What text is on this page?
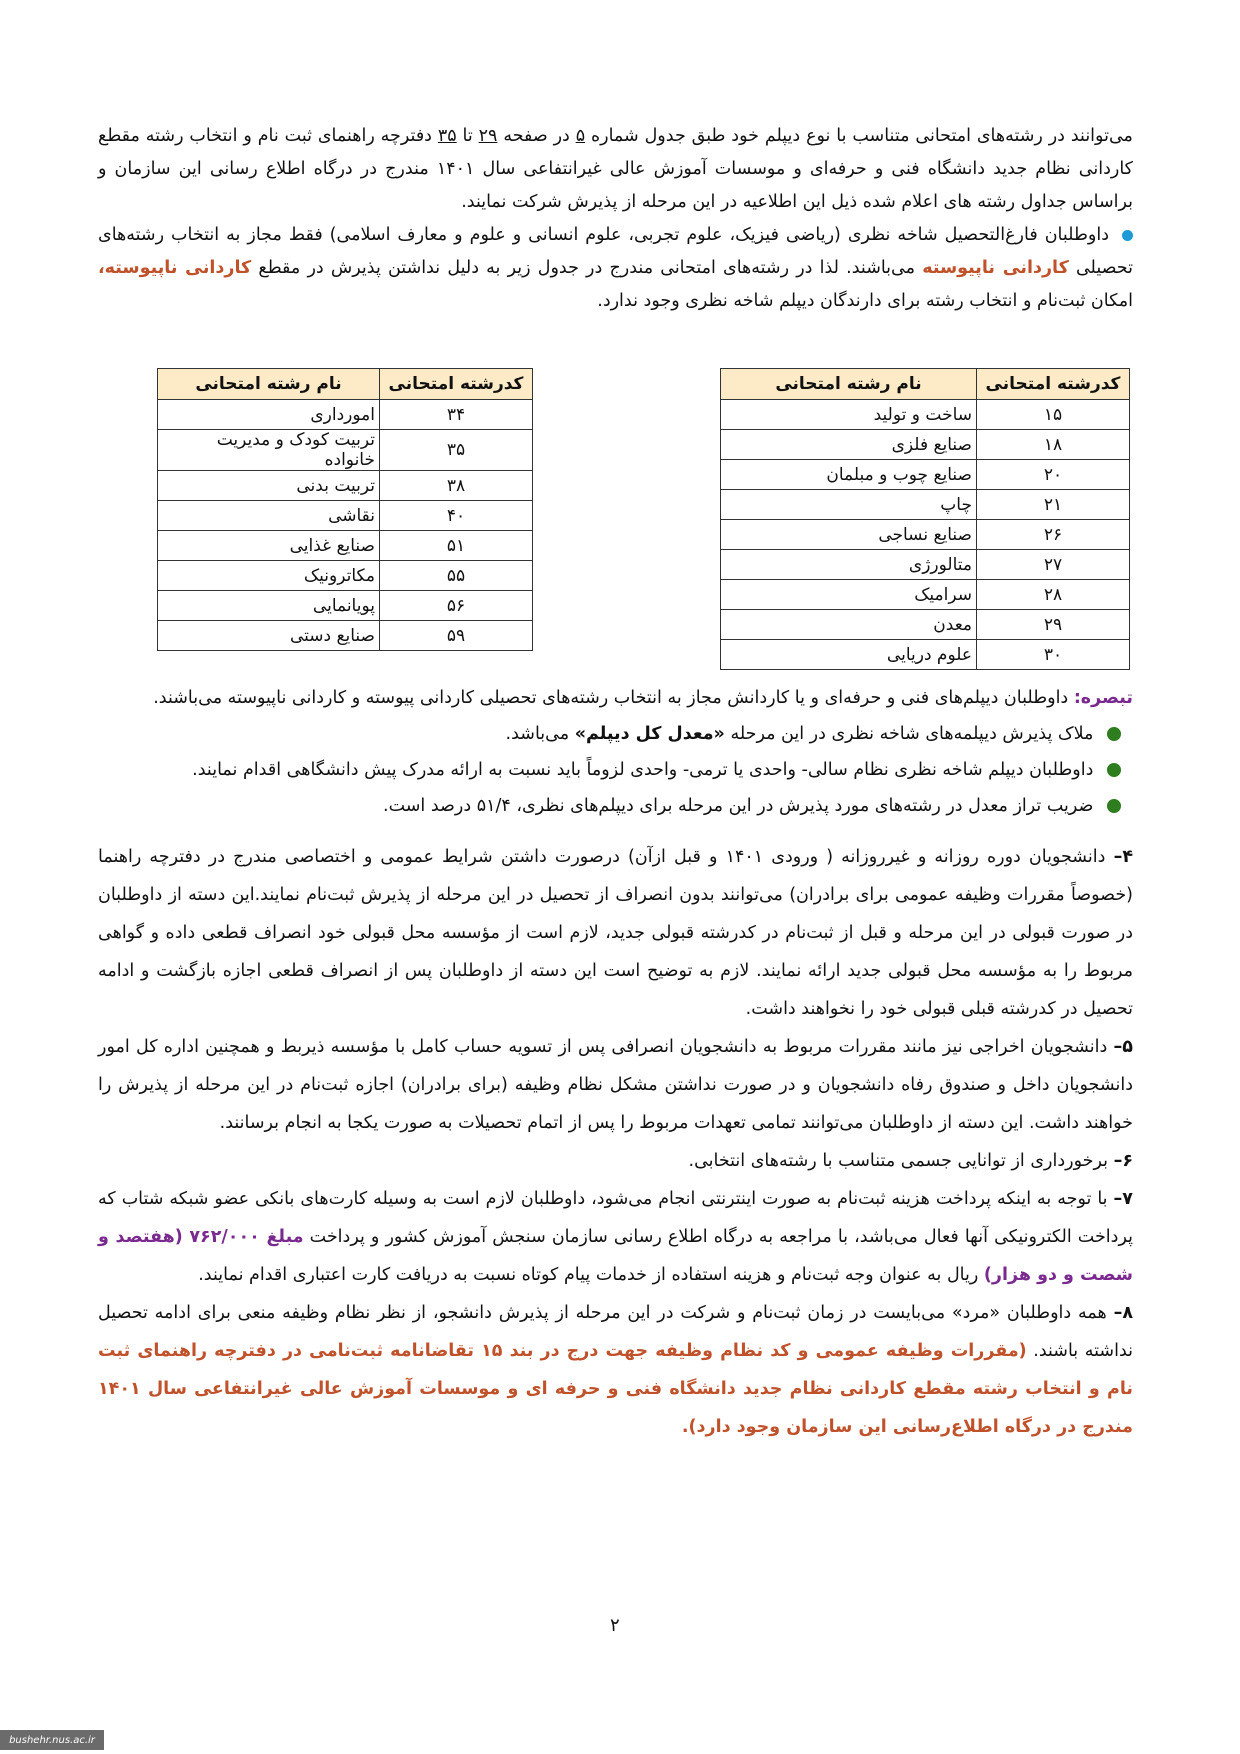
می‌توانند در رشته‌های امتحانی متناسب با نوع دیپلم خود طبق جدول شماره ۵ در صفحه ۲۹ تا ۳۵ دفترچه راهنمای ثبت نام و انتخاب رشته مقطع کاردانی نظام جدید دانشگاه فنی و حرفه‌ای و موسسات آموزش عالی غیرانتفاعی سال ۱۴۰۱ مندرج در درگاه اطلاع رسانی این سازمان و براساس جداول رشته های اعلام شده ذیل این اطلاعیه در این مرحله از پذیرش شرکت نمایند.

داوطلبان فارغ‌التحصیل شاخه نظری (ریاضی فیزیک، علوم تجربی، علوم انسانی و علوم و معارف اسلامی) فقط مجاز به انتخاب رشته‌های تحصیلی کاردانی ناپیوسته می‌باشند. لذا در رشته‌های امتحانی مندرج در جدول زیر به دلیل نداشتن پذیرش در مقطع کاردانی ناپیوسته، امکان ثبت‌نام و انتخاب رشته برای دارندگان دیپلم شاخه نظری وجود ندارد.

کدرشته امتحانی	نام رشته امتحانی
۱۵	ساخت و تولید
۱۸	صنایع فلزی
۲۰	صنایع چوب و مبلمان
۲۱	چاپ
۲۶	صنایع نساجی
۲۷	متالورژی
۲۸	سرامیک
۲۹	معدن
۳۰	علوم دریایی
کدرشته امتحانی	نام رشته امتحانی
۳۴	امورداری
۳۵	تربیت کودک و مدیریت خانواده
۳۸	تربیت بدنی
۴۰	نقاشی
۵۱	صنایع غذایی
۵۵	مکاترونیک
۵۶	پویانمایی
۵۹	صنایع دستی

تبصره: داوطلبان دیپلم‌های فنی و حرفه‌ای و یا کاردانش مجاز به انتخاب رشته‌های تحصیلی کاردانی پیوسته و کاردانی ناپیوسته می‌باشند.

ملاک پذیرش دیپلمه‌های شاخه نظری در این مرحله «معدل کل دیپلم» می‌باشد.

داوطلبان دیپلم شاخه نظری نظام سالی- واحدی یا ترمی- واحدی لزوماً باید نسبت به ارائه مدرک پیش دانشگاهی اقدام نمایند.

ضریب تراز معدل در رشته‌های مورد پذیرش در این مرحله برای دیپلم‌های نظری، ۵۱/۴ درصد است.

۴– دانشجویان دوره روزانه و غیرروزانه ( ورودی ۱۴۰۱ و قبل ازآن) درصورت داشتن شرایط عمومی و اختصاصی مندرج در دفترچه راهنما (خصوصاً مقررات وظیفه عمومی برای برادران) می‌توانند بدون انصراف از تحصیل در این مرحله از پذیرش ثبت‌نام نمایند.این دسته از داوطلبان در صورت قبولی در این مرحله و قبل از ثبت‌نام در کدرشته قبولی جدید، لازم است از مؤسسه محل قبولی خود انصراف قطعی داده و گواهی مربوط را به مؤسسه محل قبولی جدید ارائه نمایند. لازم به توضیح است این دسته از داوطلبان پس از انصراف قطعی اجازه بازگشت و ادامه تحصیل در کدرشته قبلی قبولی خود را نخواهند داشت.

۵– دانشجویان اخراجی نیز مانند مقررات مربوط به دانشجویان انصرافی پس از تسویه حساب کامل با مؤسسه ذیربط و همچنین اداره کل امور دانشجویان داخل و صندوق رفاه دانشجویان و در صورت نداشتن مشکل نظام وظیفه (برای برادران) اجازه ثبت‌نام در این مرحله از پذیرش را خواهند داشت. این دسته از داوطلبان می‌توانند تمامی تعهدات مربوط را پس از اتمام تحصیلات به صورت یکجا به انجام برسانند.

۶– برخورداری از توانایی جسمی متناسب با رشته‌های انتخابی.

۷– با توجه به اینکه پرداخت هزینه ثبت‌نام به صورت اینترنتی انجام می‌شود، داوطلبان لازم است به وسیله کارت‌های بانکی عضو شبکه شتاب که پرداخت الکترونیکی آنها فعال می‌باشد، با مراجعه به درگاه اطلاع رسانی سازمان سنجش آموزش کشور و پرداخت مبلغ ۷۶۲/۰۰۰ (هفتصد و شصت و دو هزار) ریال به عنوان وجه ثبت‌نام و هزینه استفاده از خدمات پیام کوتاه نسبت به دریافت کارت اعتباری اقدام نمایند.

۸– همه داوطلبان «مرد» می‌بایست در زمان ثبت‌نام و شرکت در این مرحله از پذیرش دانشجو، از نظر نظام وظیفه منعی برای ادامه تحصیل نداشته باشند. (مقررات وظیفه عمومی و کد نظام وظیفه جهت درج در بند ۱۵ تقاضانامه ثبت‌نامی در دفترچه راهنمای ثبت نام و انتخاب رشته مقطع کاردانی نظام جدید دانشگاه فنی و حرفه ای و موسسات آموزش عالی غیرانتفاعی سال ۱۴۰۱ مندرج در درگاه اطلاع‌رسانی این سازمان وجود دارد).

۲
bushehr.nus.ac.ir
